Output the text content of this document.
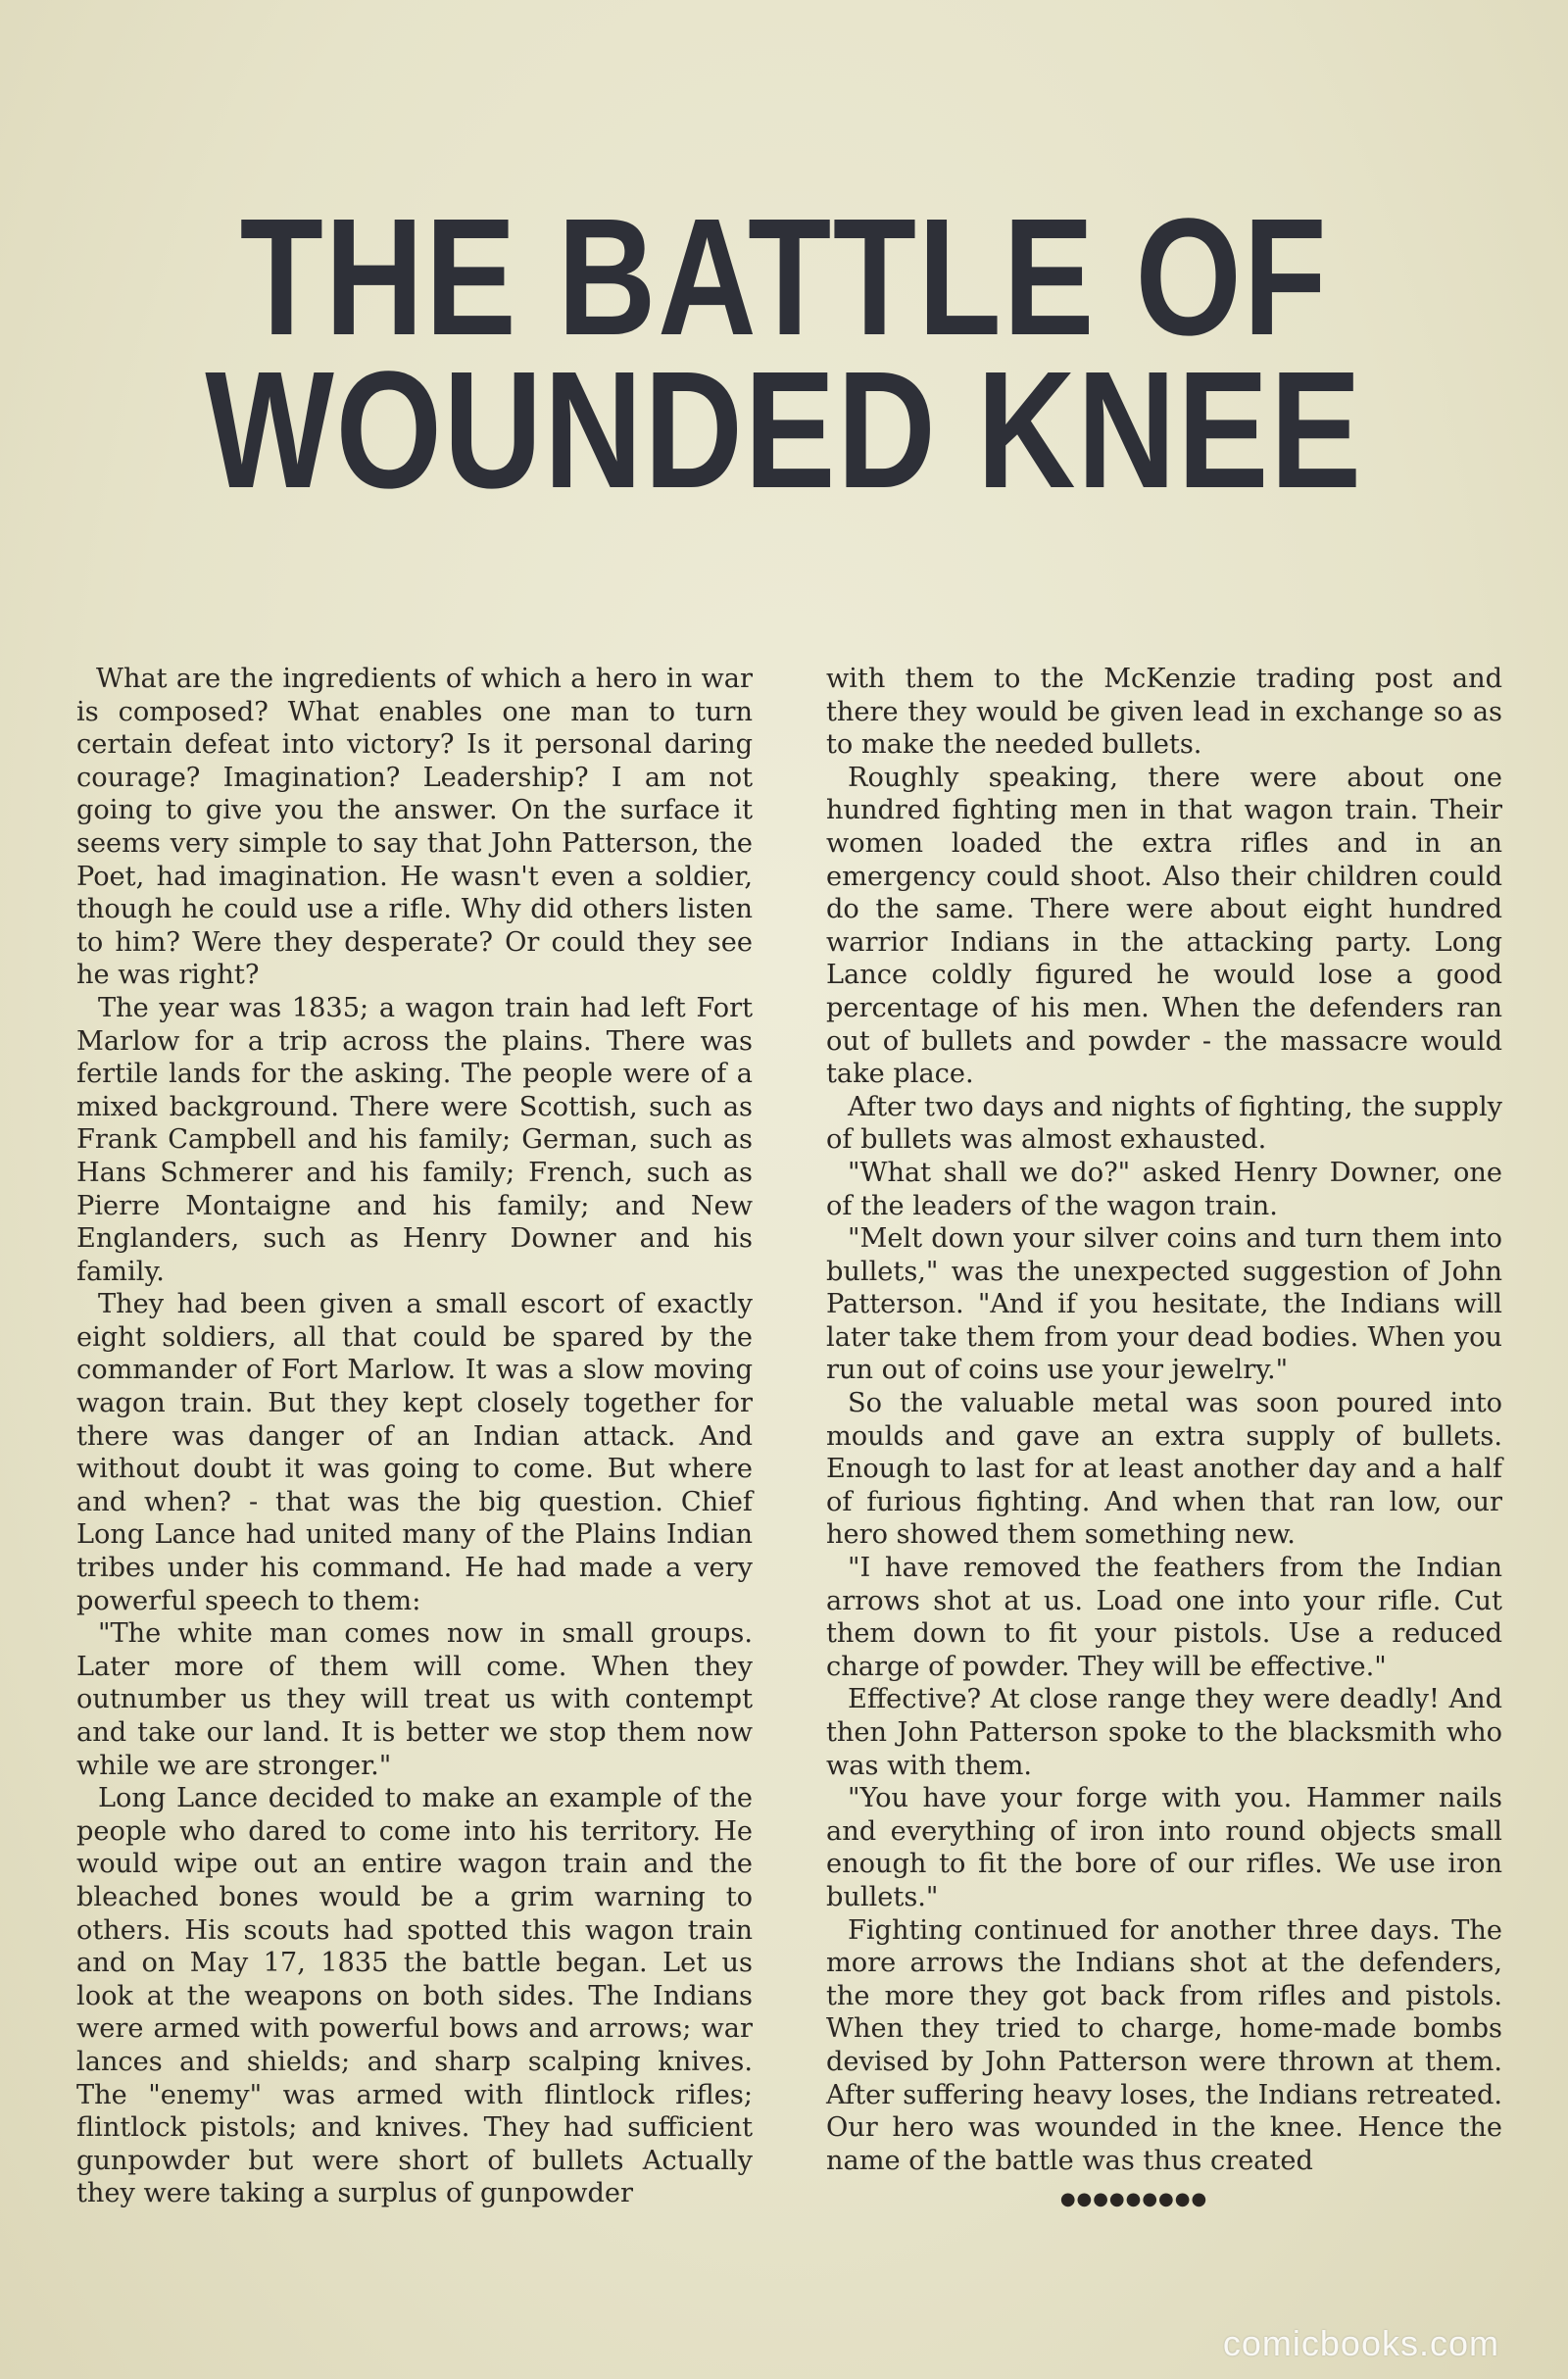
THE BATTLE OF
WOUNDED KNEE

What are the ingredients of which a hero in war is composed? What enables one man to turn certain defeat into victory? Is it personal daring courage? Imagination? Leadership? I am not going to give you the answer. On the surface it seems very simple to say that John Patterson, the Poet, had imagination. He wasn't even a soldier, though he could use a rifle. Why did others listen to him? Were they desperate? Or could they see he was right?

The year was 1835; a wagon train had left Fort Marlow for a trip across the plains. There was fertile lands for the asking. The people were of a mixed background. There were Scottish, such as Frank Campbell and his family; German, such as Hans Schmerer and his family; French, such as Pierre Montaigne and his family; and New Englanders, such as Henry Downer and his family.

They had been given a small escort of exactly eight soldiers, all that could be spared by the commander of Fort Marlow. It was a slow moving wagon train. But they kept closely together for there was danger of an Indian attack. And without doubt it was going to come. But where and when? - that was the big question. Chief Long Lance had united many of the Plains Indian tribes under his command. He had made a very powerful speech to them:

"The white man comes now in small groups. Later more of them will come. When they outnumber us they will treat us with contempt and take our land. It is better we stop them now while we are stronger."

Long Lance decided to make an example of the people who dared to come into his territory. He would wipe out an entire wagon train and the bleached bones would be a grim warning to others. His scouts had spotted this wagon train and on May 17, 1835 the battle began. Let us look at the weapons on both sides. The Indians were armed with powerful bows and arrows; war lances and shields; and sharp scalping knives. The "enemy" was armed with flintlock rifles; flintlock pistols; and knives. They had sufficient gunpowder but were short of bullets Actually they were taking a surplus of gunpowder

with them to the McKenzie trading post and there they would be given lead in exchange so as to make the needed bullets.

Roughly speaking, there were about one hundred fighting men in that wagon train. Their women loaded the extra rifles and in an emergency could shoot. Also their children could do the same. There were about eight hundred warrior Indians in the attacking party. Long Lance coldly figured he would lose a good percentage of his men. When the defenders ran out of bullets and powder - the massacre would take place.

After two days and nights of fighting, the supply of bullets was almost exhausted.

"What shall we do?" asked Henry Downer, one of the leaders of the wagon train.

"Melt down your silver coins and turn them into bullets," was the unexpected suggestion of John Patterson. "And if you hesitate, the Indians will later take them from your dead bodies. When you run out of coins use your jewelry."

So the valuable metal was soon poured into moulds and gave an extra supply of bullets. Enough to last for at least another day and a half of furious fighting. And when that ran low, our hero showed them something new.

"I have removed the feathers from the Indian arrows shot at us. Load one into your rifle. Cut them down to fit your pistols. Use a reduced charge of powder. They will be effective."

Effective? At close range they were deadly! And then John Patterson spoke to the blacksmith who was with them.

"You have your forge with you. Hammer nails and everything of iron into round objects small enough to fit the bore of our rifles. We use iron bullets."

Fighting continued for another three days. The more arrows the Indians shot at the defenders, the more they got back from rifles and pistols. When they tried to charge, home-made bombs devised by John Patterson were thrown at them. After suffering heavy loses, the Indians retreated. Our hero was wounded in the knee. Hence the name of the battle was thus created

●●●●●●●●●
comicbooks.com
